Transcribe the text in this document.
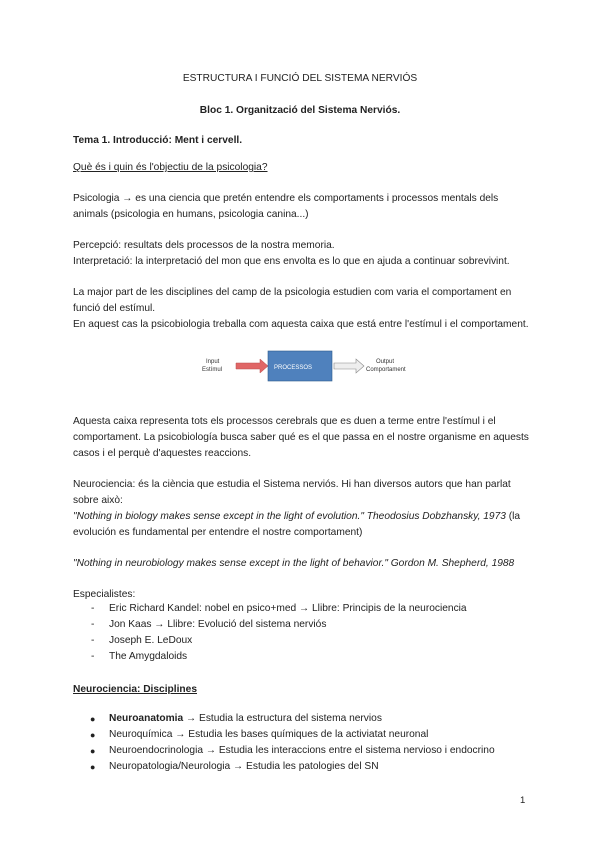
ESTRUCTURA I FUNCIÓ DEL SISTEMA NERVIÓS
Bloc 1. Organització del Sistema Nerviós.
Tema 1. Introducció: Ment i cervell.
Què és i quin és l'objectiu de la psicologia?
Psicologia → es una ciencia que pretén entendre els comportaments i processos mentals dels
animals (psicologia en humans, psicologia canina...)
Percepció: resultats dels processos de la nostra memoria.
Interpretació: la interpretació del mon que ens envolta es lo que en ajuda a continuar sobrevivint.
La major part de les disciplines del camp de la psicologia estudien com varia el comportament en
funció del estímul.
En aquest cas la psicobiologia treballa com aquesta caixa que está entre l'estímul i el comportament.
Input
Estímul	PROCESSOS
Output
Comportament
Aquesta caixa representa tots els processos cerebrals que es duen a terme entre l'estímul i el
comportament. La psicobiología busca saber qué es el que passa en el nostre organisme en aquests
casos i el perquè d'aquestes reaccions.
Neurociencia: és la ciència que estudia el Sistema nerviós. Hi han diversos autors que han parlat
sobre això:
"Nothing in biology makes sense except in the light of evolution." Theodosius Dobzhansky, 1973 (la
evolución es fundamental per entendre el nostre comportament)
"Nothing in neurobiology makes sense except in the light of behavior." Gordon M. Shepherd, 1988
Especialistes:
- Eric Richard Kandel: nobel en psico+med → Llibre: Principis de la neurociencia
- Jon Kaas → Llibre: Evolució del sistema nerviós
- Joseph E. LeDoux
- The Amygdaloids
Neurociencia: Disciplines
● Neuroanatomia → Estudia la estructura del sistema nervios
● Neuroquímica → Estudia les bases químiques de la activiatat neuronal
● Neuroendocrinologia → Estudia les interaccions entre el sistema nervioso i endocrino
● Neuropatologia/Neurologia → Estudia les patologies del SN
1
